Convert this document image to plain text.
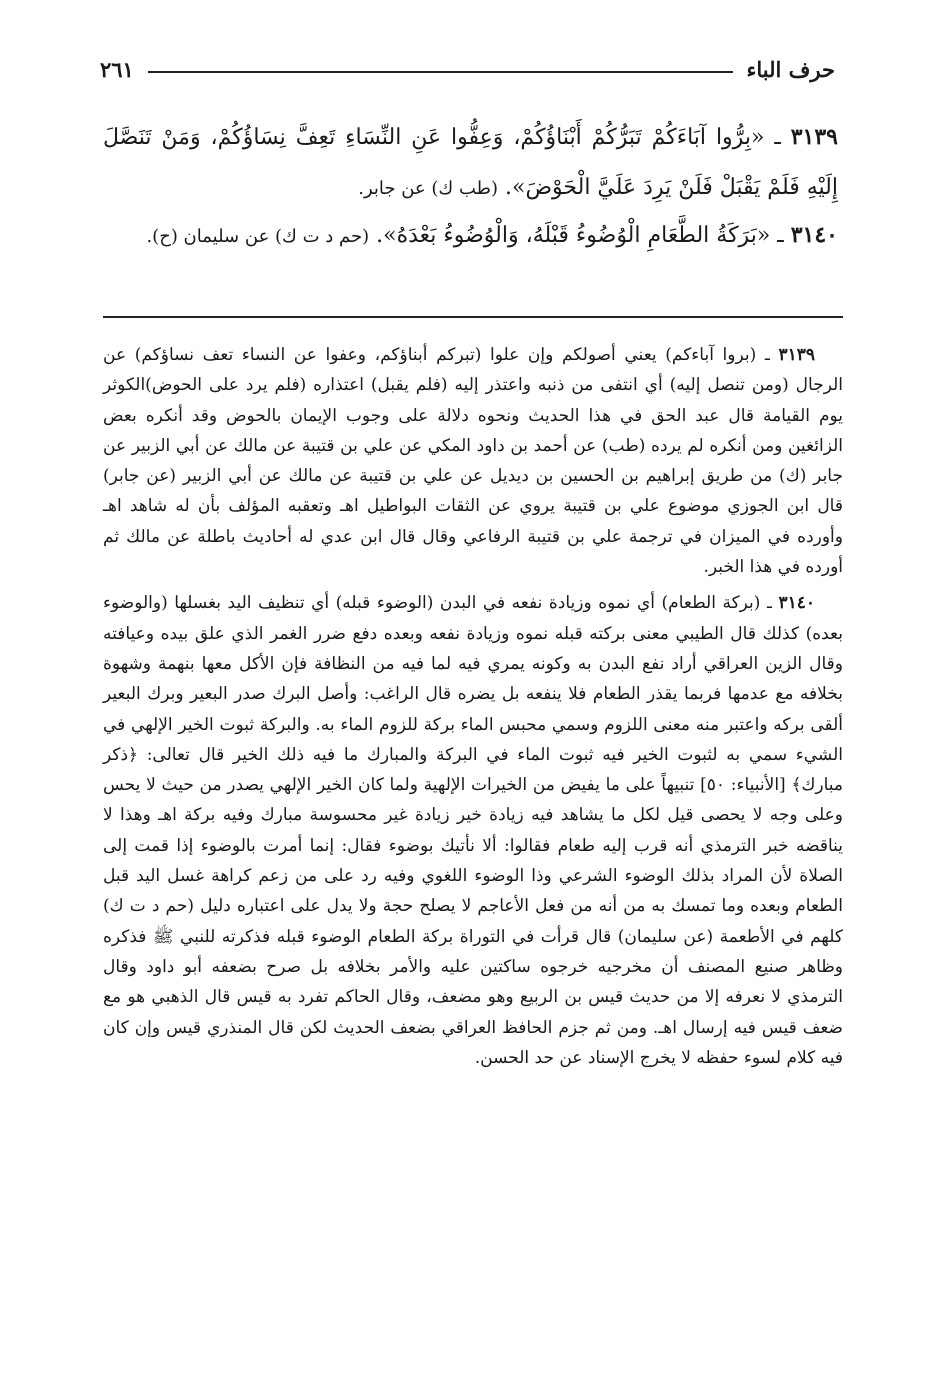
حرف الباء
٢٦١
٣١٣٩ ـ «بِرُّوا آبَاءَكُمْ تَبَرُّكُمْ أَبْنَاؤُكُمْ، وَعِفُّوا عَنِ النِّسَاءِ تَعِفَّ نِسَاؤُكُمْ، وَمَنْ تَنَصَّلَ إِلَيْهِ فَلَمْ يَقْبَلْ فَلَنْ يَرِدَ عَلَيَّ الْحَوْضَ». (طب ك) عن جابر.
٣١٤٠ ـ «بَرَكَةُ الطَّعَامِ الْوُضُوءُ قَبْلَهُ، وَالْوُضُوءُ بَعْدَهُ». (حم د ت ك) عن سليمان (ح).

٣١٣٩ ـ (بروا آباءكم) يعني أصولكم وإن علوا (تبركم أبناؤكم، وعفوا عن النساء تعف نساؤكم) عن الرجال (ومن تنصل إليه) أي انتفى من ذنبه واعتذر إليه (فلم يقبل) اعتذاره (فلم يرد على الحوض)الكوثر يوم القيامة قال عبد الحق في هذا الحديث ونحوه دلالة على وجوب الإيمان بالحوض وقد أنكره بعض الزائغين ومن أنكره لم يرده (طب) عن أحمد بن داود المكي عن علي بن قتيبة عن مالك عن أبي الزبير عن جابر (ك) من طريق إبراهيم بن الحسين بن ديديل عن علي بن قتيبة عن مالك عن أبي الزبير (عن جابر) قال ابن الجوزي موضوع علي بن قتيبة يروي عن الثقات البواطيل اهـ وتعقبه المؤلف بأن له شاهد اهـ وأورده في الميزان في ترجمة علي بن قتيبة الرفاعي وقال قال ابن عدي له أحاديث باطلة عن مالك ثم أورده في هذا الخبر.

٣١٤٠ ـ (بركة الطعام) أي نموه وزيادة نفعه في البدن (الوضوء قبله) أي تنظيف اليد بغسلها (والوضوء بعده) كذلك قال الطيبي معنى بركته قبله نموه وزيادة نفعه وبعده دفع ضرر الغمر الذي علق بيده وعيافته وقال الزين العراقي أراد نفع البدن به وكونه يمري فيه لما فيه من النظافة فإن الأكل معها بنهمة وشهوة بخلافه مع عدمها فربما يقذر الطعام فلا ينفعه بل يضره قال الراغب: وأصل البرك صدر البعير وبرك البعير ألقى بركه واعتبر منه معنى اللزوم وسمي محبس الماء بركة للزوم الماء به. والبركة ثبوت الخير الإلهي في الشيء سمي به لثبوت الخير فيه ثبوت الماء في البركة والمبارك ما فيه ذلك الخير قال تعالى: ﴿ذكر مبارك﴾ [الأنبياء: ٥٠] تنبيهاً على ما يفيض من الخيرات الإلهية ولما كان الخير الإلهي يصدر من حيث لا يحس وعلى وجه لا يحصى قيل لكل ما يشاهد فيه زيادة خير زيادة غير محسوسة مبارك وفيه بركة اهـ وهذا لا يناقضه خبر الترمذي أنه قرب إليه طعام فقالوا: ألا نأتيك بوضوء فقال: إنما أمرت بالوضوء إذا قمت إلى الصلاة لأن المراد بذلك الوضوء الشرعي وذا الوضوء اللغوي وفيه رد على من زعم كراهة غسل اليد قبل الطعام وبعده وما تمسك به من أنه من فعل الأعاجم لا يصلح حجة ولا يدل على اعتباره دليل (حم د ت ك) كلهم في الأطعمة (عن سليمان) قال قرأت في التوراة بركة الطعام الوضوء قبله فذكرته للنبي ﷺ فذكره وظاهر صنيع المصنف أن مخرجيه خرجوه ساكتين عليه والأمر بخلافه بل صرح بضعفه أبو داود وقال الترمذي لا نعرفه إلا من حديث قيس بن الربيع وهو مضعف، وقال الحاكم تفرد به قيس قال الذهبي هو مع ضعف قيس فيه إرسال اهـ. ومن ثم جزم الحافظ العراقي بضعف الحديث لكن قال المنذري قيس وإن كان فيه كلام لسوء حفظه لا يخرج الإسناد عن حد الحسن.
